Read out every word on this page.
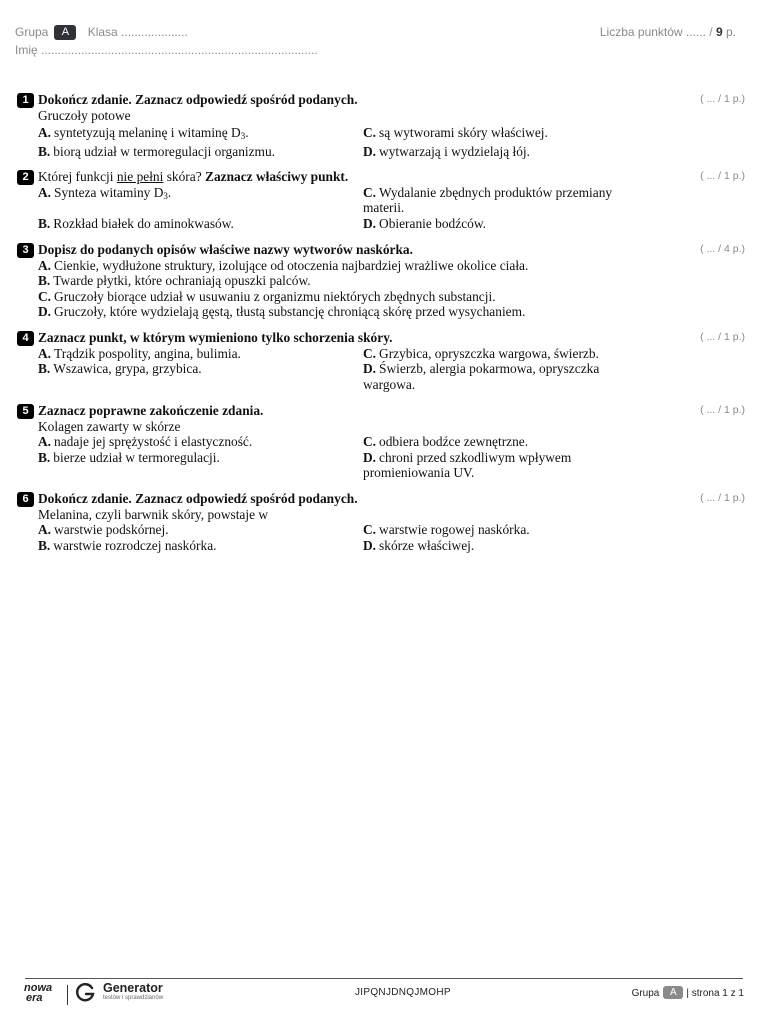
Grupa A Klasa ....................
Imię ...................................................................................
Liczba punktów ...... / 9 p.
1	( ... / 1 p.)
Dokończ zdanie. Zaznacz odpowiedź spośród podanych.
Gruczoły potowe
A. syntetyzują melaninę i witaminę $D_3$.	C. są wytworami skóry właściwej.
B. biorą udział w termoregulacji organizmu.	D. wytwarzają i wydzielają łój.
2	( ... / 1 p.)
Której funkcji nie pełni skóra? Zaznacz właściwy punkt.
A. Synteza witaminy $D_3$.	C. Wydalanie zbędnych produktów przemiany materii.
B. Rozkład białek do aminokwasów.	D. Obieranie bodźców.
3	( ... / 4 p.)
Dopisz do podanych opisów właściwe nazwy wytworów naskórka.
A. Cienkie, wydłużone struktury, izolujące od otoczenia najbardziej wrażliwe okolice ciała.
B. Twarde płytki, które ochraniają opuszki palców.
C. Gruczoły biorące udział w usuwaniu z organizmu niektórych zbędnych substancji.
D. Gruczoły, które wydzielają gęstą, tłustą substancję chroniącą skórę przed wysychaniem.
4	( ... / 1 p.)
Zaznacz punkt, w którym wymieniono tylko schorzenia skóry.
A. Trądzik pospolity, angina, bulimia.	C. Grzybica, opryszczka wargowa, świerzb.
B. Wszawica, grypa, grzybica.	D. Świerzb, alergia pokarmowa, opryszczka wargowa.
5	( ... / 1 p.)
Zaznacz poprawne zakończenie zdania.
Kolagen zawarty w skórze
A. nadaje jej sprężystość i elastyczność.	C. odbiera bodźce zewnętrzne.
B. bierze udział w termoregulacji.	D. chroni przed szkodliwym wpływem promieniowania UV.
6	( ... / 1 p.)
Dokończ zdanie. Zaznacz odpowiedź spośród podanych.
Melanina, czyli barwnik skóry, powstaje w
A. warstwie podskórnej.	C. warstwie rogowej naskórka.
B. warstwie rozrodczej naskórka.	D. skórze właściwej.
nowa
era
Generator
testów i sprawdzianów	JIPQNJDNQJMOHP	Grupa A | strona 1 z 1
